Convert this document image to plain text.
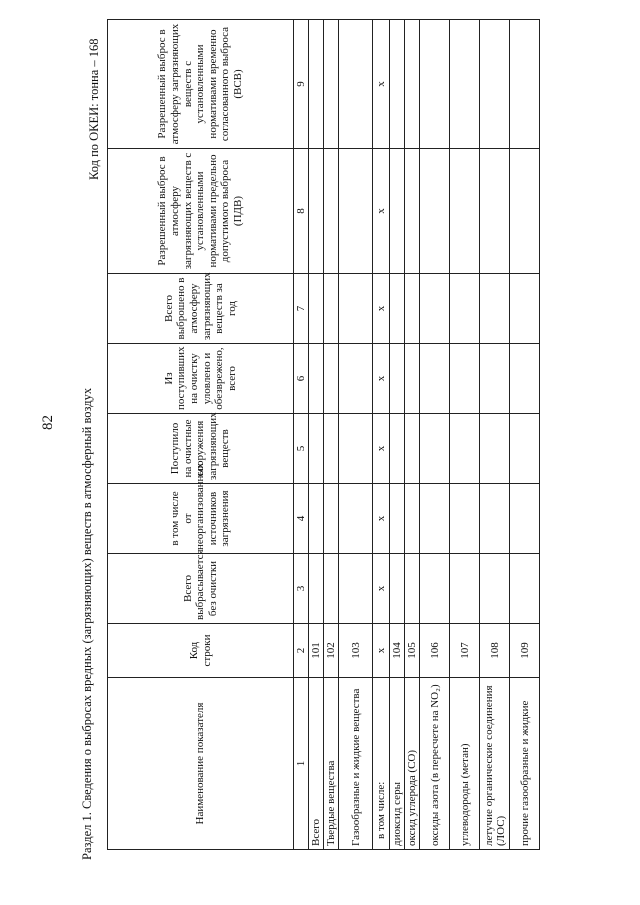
82 Раздел 1. Сведения о выбросах вредных (загрязняющих) веществ в атмосферный воздух
Код по ОКЕИ: тонна – 168
Наименование показателя	Код строки	Всего выбрасывается без очистки	в том числе от неорганизованных источников загрязнения	Поступило на очистные сооружения загрязняющих веществ	Из поступивших на очистку уловлено и обезврежено, всего	Всего выброшено в атмосферу загрязняющих веществ за год	Разрешенный выброс в атмосферу загрязняющих веществ с установленными нормативами предельно допустимого выброса (ПДВ)	Разрешенный выброс в атмосферу загрязняющих веществ с установленными нормативами временно согласованного выброса (ВСВ)
1	2	3	4	5	6	7	8	9
Всего	101							
Твердые вещества	102							
Газообразные и жидкие вещества	103							
в том числе:	х	х	х	х	х	х	х	х
диоксид серы	104							
оксид углерода (СО)	105							
оксиды азота (в пересчете на NO₂)	106							
углеводороды (метан)	107							
летучие органические соединения (ЛОС)	108							
прочие газообразные и жидкие	109							
